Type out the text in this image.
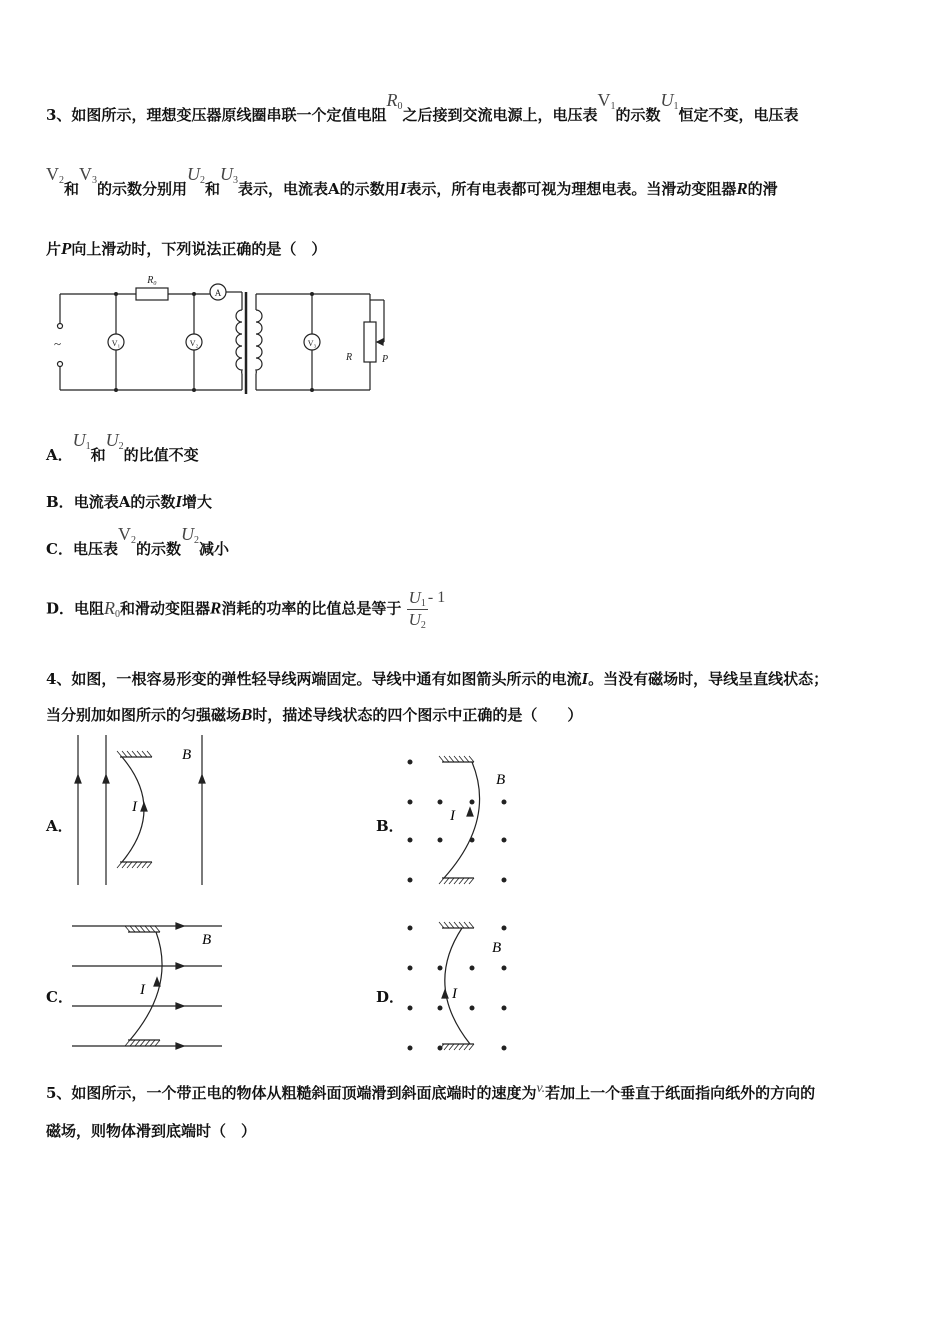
3、如图所示，理想变压器原线圈串联一个定值电阻$R_0$之后接到交流电源上，电压表$V_1$的示数$U_1$恒定不变，电压表
$V_2$和$V_3$的示数分别用$U_2$和$U_3$表示，电流表A的示数用I表示，所有电表都可视为理想电表。当滑动变阻器R的滑
片P向上滑动时，下列说法正确的是（　）
R₀
A
V₁	V₂	V₃
R	P
~
A．$U_1$和$U_2$的比值不变
B．电流表A的示数I增大
C．电压表$V_2$的示数$U_2$减小
D．电阻$R_0$和滑动变阻器R消耗的功率的比值总是等于 $\frac{U_1}{U_2} - 1$
4、如图，一根容易形变的弹性轻导线两端固定。导线中通有如图箭头所示的电流I。当没有磁场时，导线呈直线状态；
当分别加如图所示的匀强磁场B时，描述导线状态的四个图示中正确的是（　　）
A．
B
I
B．
B
I
C．
B
I	D．
B
I
5、如图所示，一个带正电的物体从粗糙斜面顶端滑到斜面底端时的速度为v.若加上一个垂直于纸面指向纸外的方向的
磁场，则物体滑到底端时（　）
